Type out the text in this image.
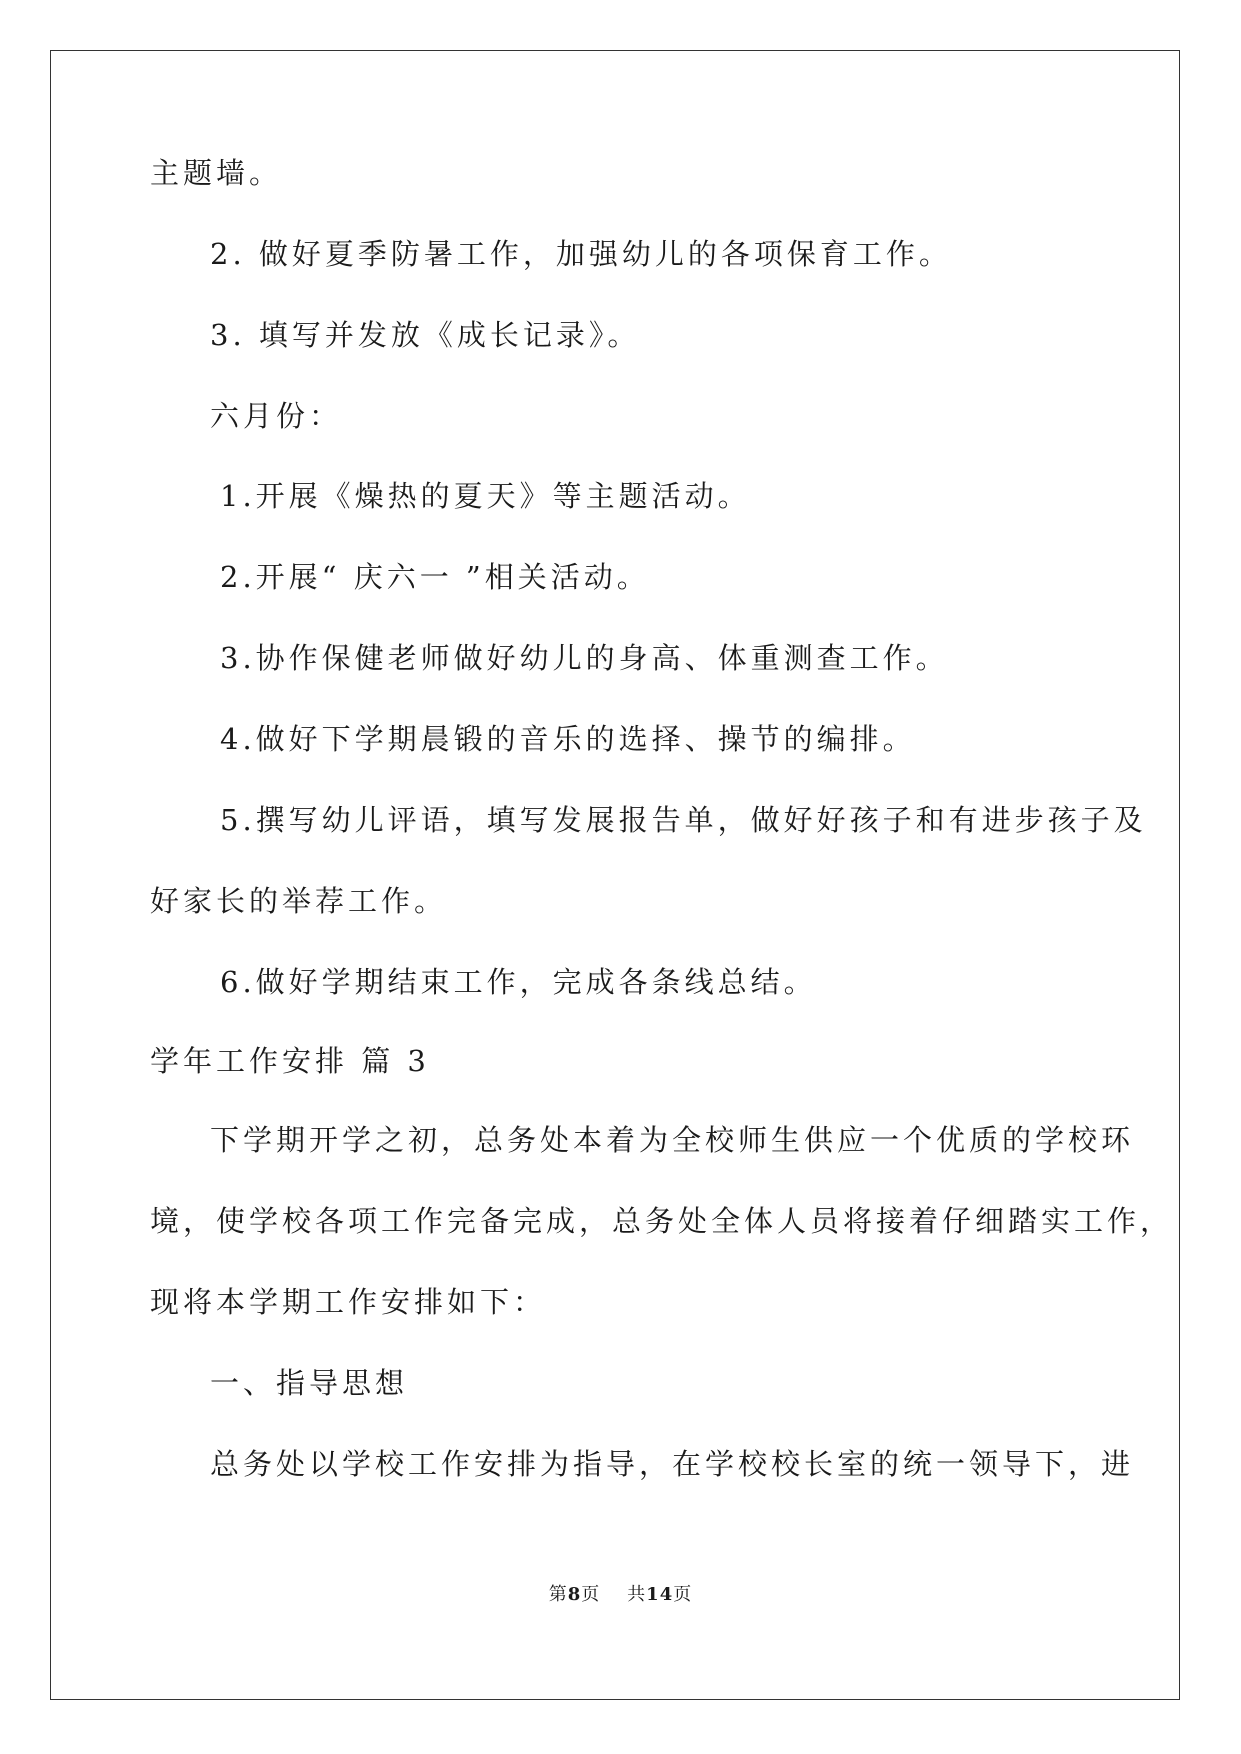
主题墙。
2. 做好夏季防暑工作，加强幼儿的各项保育工作。
3. 填写并发放《成长记录》。
六月份：
1.开展《燥热的夏天》等主题活动。
2.开展“ 庆六一 ”相关活动。
3.协作保健老师做好幼儿的身高、体重测查工作。
4.做好下学期晨锻的音乐的选择、操节的编排。
5.撰写幼儿评语，填写发展报告单，做好好孩子和有进步孩子及
好家长的举荐工作。
6.做好学期结束工作，完成各条线总结。
学年工作安排 篇 3
下学期开学之初，总务处本着为全校师生供应一个优质的学校环
境，使学校各项工作完备完成，总务处全体人员将接着仔细踏实工作，
现将本学期工作安排如下：
一、指导思想
总务处以学校工作安排为指导，在学校校长室的统一领导下，进
第8页 共14页
